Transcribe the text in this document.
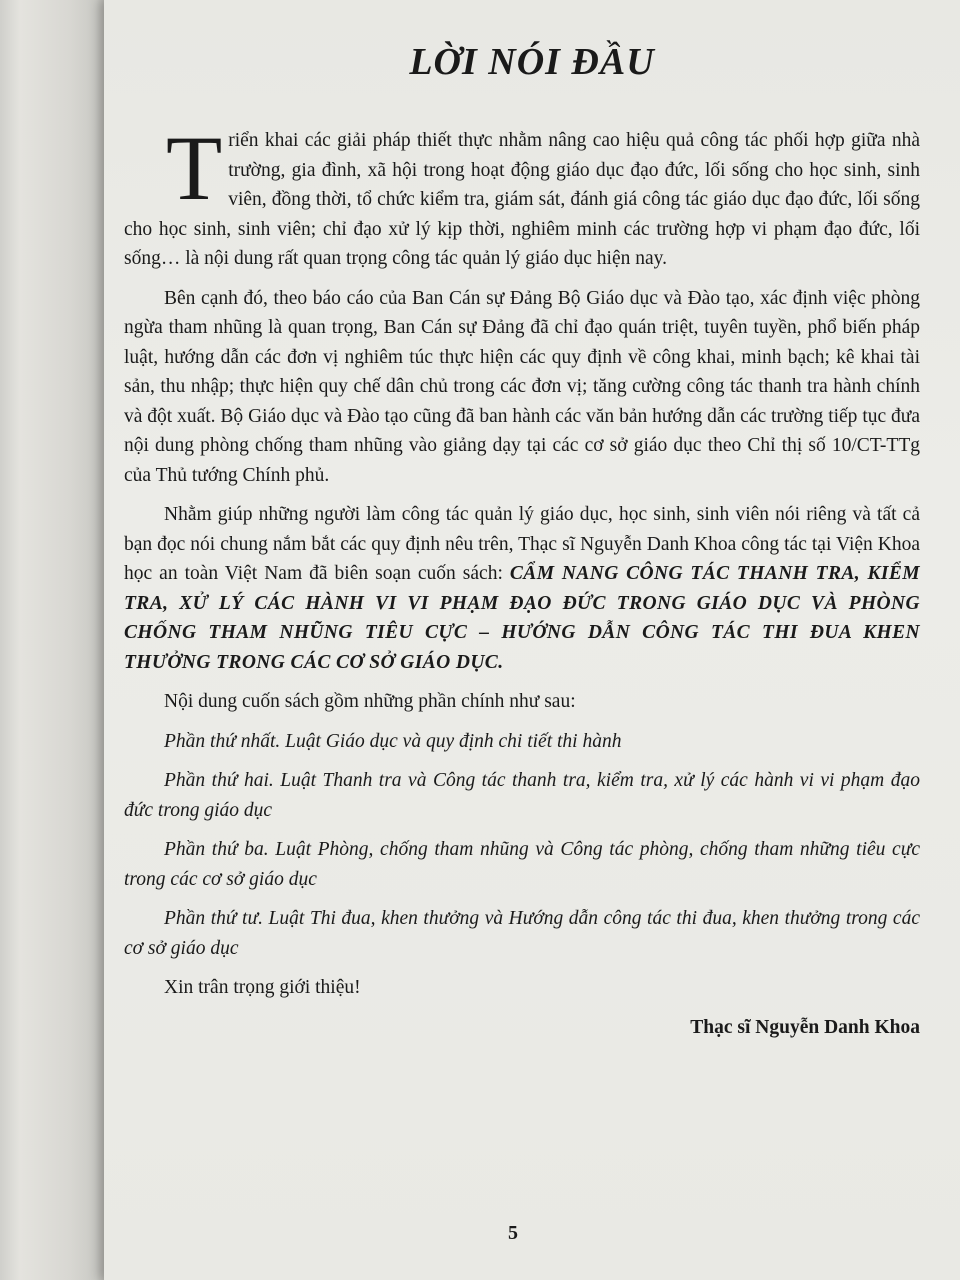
LỜI NÓI ĐẦU

Triển khai các giải pháp thiết thực nhằm nâng cao hiệu quả công tác phối hợp giữa nhà trường, gia đình, xã hội trong hoạt động giáo dục đạo đức, lối sống cho học sinh, sinh viên, đồng thời, tổ chức kiểm tra, giám sát, đánh giá công tác giáo dục đạo đức, lối sống cho học sinh, sinh viên; chỉ đạo xử lý kịp thời, nghiêm minh các trường hợp vi phạm đạo đức, lối sống… là nội dung rất quan trọng công tác quản lý giáo dục hiện nay.

Bên cạnh đó, theo báo cáo của Ban Cán sự Đảng Bộ Giáo dục và Đào tạo, xác định việc phòng ngừa tham nhũng là quan trọng, Ban Cán sự Đảng đã chỉ đạo quán triệt, tuyên tuyền, phổ biến pháp luật, hướng dẫn các đơn vị nghiêm túc thực hiện các quy định về công khai, minh bạch; kê khai tài sản, thu nhập; thực hiện quy chế dân chủ trong các đơn vị; tăng cường công tác thanh tra hành chính và đột xuất. Bộ Giáo dục và Đào tạo cũng đã ban hành các văn bản hướng dẫn các trường tiếp tục đưa nội dung phòng chống tham nhũng vào giảng dạy tại các cơ sở giáo dục theo Chỉ thị số 10/CT-TTg của Thủ tướng Chính phủ.

Nhằm giúp những người làm công tác quản lý giáo dục, học sinh, sinh viên nói riêng và tất cả bạn đọc nói chung nắm bắt các quy định nêu trên, Thạc sĩ Nguyễn Danh Khoa công tác tại Viện Khoa học an toàn Việt Nam đã biên soạn cuốn sách: CẨM NANG CÔNG TÁC THANH TRA, KIỂM TRA, XỬ LÝ CÁC HÀNH VI VI PHẠM ĐẠO ĐỨC TRONG GIÁO DỤC VÀ PHÒNG CHỐNG THAM NHŨNG TIÊU CỰC – HƯỚNG DẪN CÔNG TÁC THI ĐUA KHEN THƯỞNG TRONG CÁC CƠ SỞ GIÁO DỤC.

Nội dung cuốn sách gồm những phần chính như sau:

Phần thứ nhất. Luật Giáo dục và quy định chi tiết thi hành

Phần thứ hai. Luật Thanh tra và Công tác thanh tra, kiểm tra, xử lý các hành vi vi phạm đạo đức trong giáo dục

Phần thứ ba. Luật Phòng, chống tham nhũng và Công tác phòng, chống tham những tiêu cực trong các cơ sở giáo dục

Phần thứ tư. Luật Thi đua, khen thưởng và Hướng dẫn công tác thi đua, khen thưởng trong các cơ sở giáo dục

Xin trân trọng giới thiệu!

Thạc sĩ Nguyễn Danh Khoa

5
